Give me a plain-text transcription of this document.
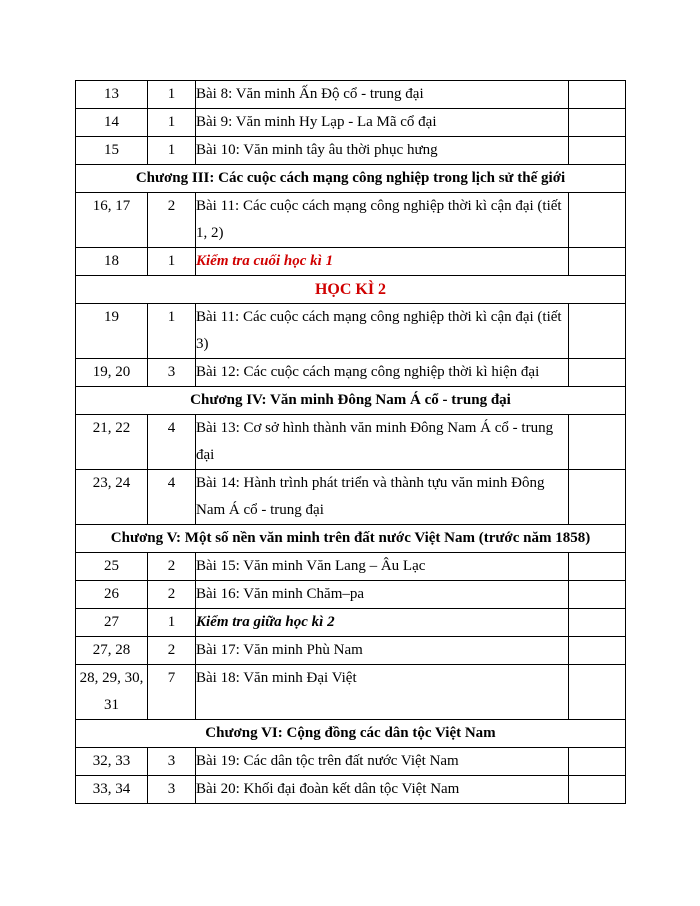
13	1	Bài 8: Văn minh Ấn Độ cổ - trung đại	
14	1	Bài 9: Văn minh Hy Lạp - La Mã cổ đại	
15	1	Bài 10: Văn minh tây âu thời phục hưng	
Chương III: Các cuộc cách mạng công nghiệp trong lịch sử thế giới			
16, 17	2	Bài 11: Các cuộc cách mạng công nghiệp thời kì cận đại (tiết 1, 2)	
18	1	Kiểm tra cuối học kì 1	
HỌC KÌ 2			
19	1	Bài 11: Các cuộc cách mạng công nghiệp thời kì cận đại (tiết 3)	
19, 20	3	Bài 12: Các cuộc cách mạng công nghiệp thời kì hiện đại	
Chương IV: Văn minh Đông Nam Á cổ - trung đại			
21, 22	4	Bài 13: Cơ sở hình thành văn minh Đông Nam Á cổ - trung đại	
23, 24	4	Bài 14: Hành trình phát triển và thành tựu văn minh Đông Nam Á cổ - trung đại	
Chương V: Một số nền văn minh trên đất nước Việt Nam (trước năm 1858)			
25	2	Bài 15: Văn minh Văn Lang – Âu Lạc	
26	2	Bài 16: Văn minh Chăm–pa	
27	1	Kiểm tra giữa học kì 2	
27, 28	2	Bài 17: Văn minh Phù Nam	
28, 29, 30, 31	7	Bài 18: Văn minh Đại Việt	
Chương VI: Cộng đồng các dân tộc Việt Nam			
32, 33	3	Bài 19: Các dân tộc trên đất nước Việt Nam	
33, 34	3	Bài 20: Khối đại đoàn kết dân tộc Việt Nam	
